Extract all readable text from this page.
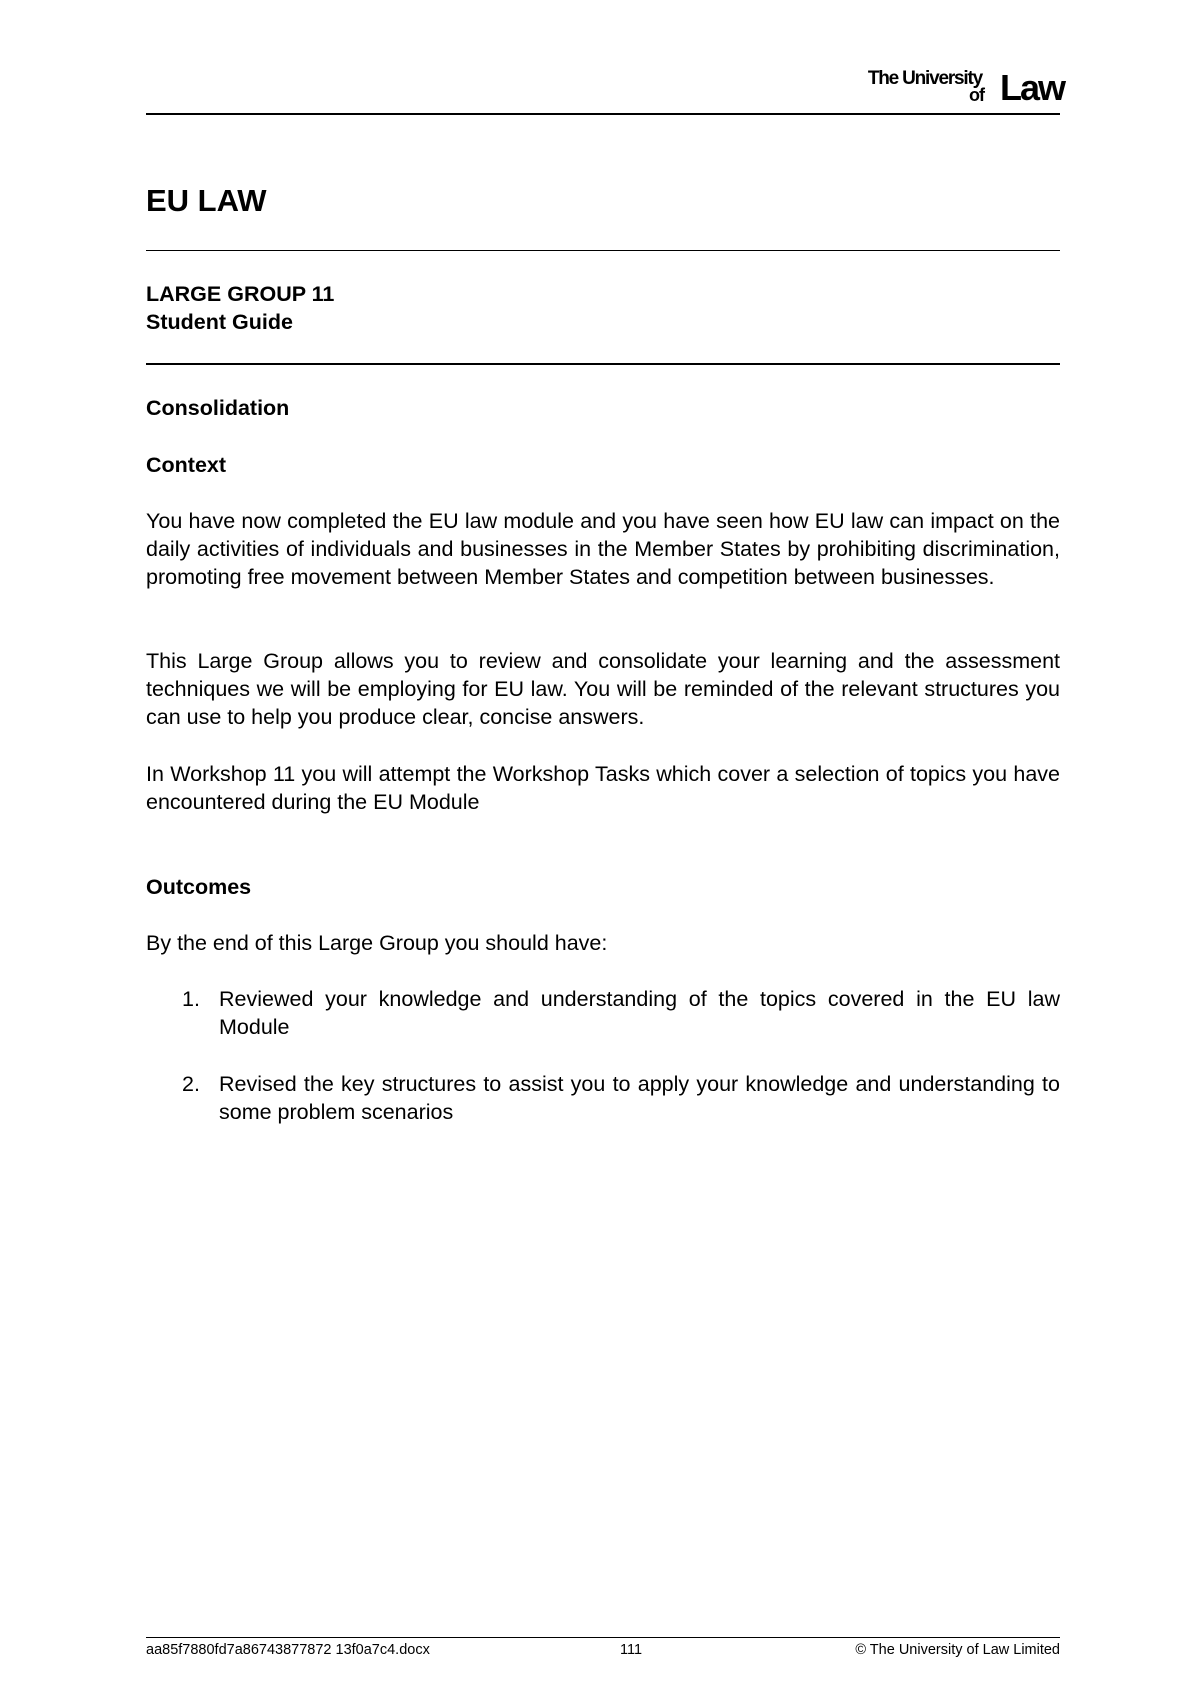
The University
of Law
EU LAW
LARGE GROUP 11
Student Guide
Consolidation
Context
You have now completed the EU law module and you have seen how EU law can impact on the daily activities of individuals and businesses in the Member States by prohibiting discrimination, promoting free movement between Member States and competition between businesses.
This Large Group allows you to review and consolidate your learning and the assessment techniques we will be employing for EU law. You will be reminded of the relevant structures you can use to help you produce clear, concise answers.
In Workshop 11 you will attempt the Workshop Tasks which cover a selection of topics you have encountered during the EU Module
Outcomes
By the end of this Large Group you should have:
1. Reviewed your knowledge and understanding of the topics covered in the EU law Module
2. Revised the key structures to assist you to apply your knowledge and understanding to some problem scenarios
aa85f7880fd7a86743877872 13f0a7c4.docx	111	© The University of Law Limited
